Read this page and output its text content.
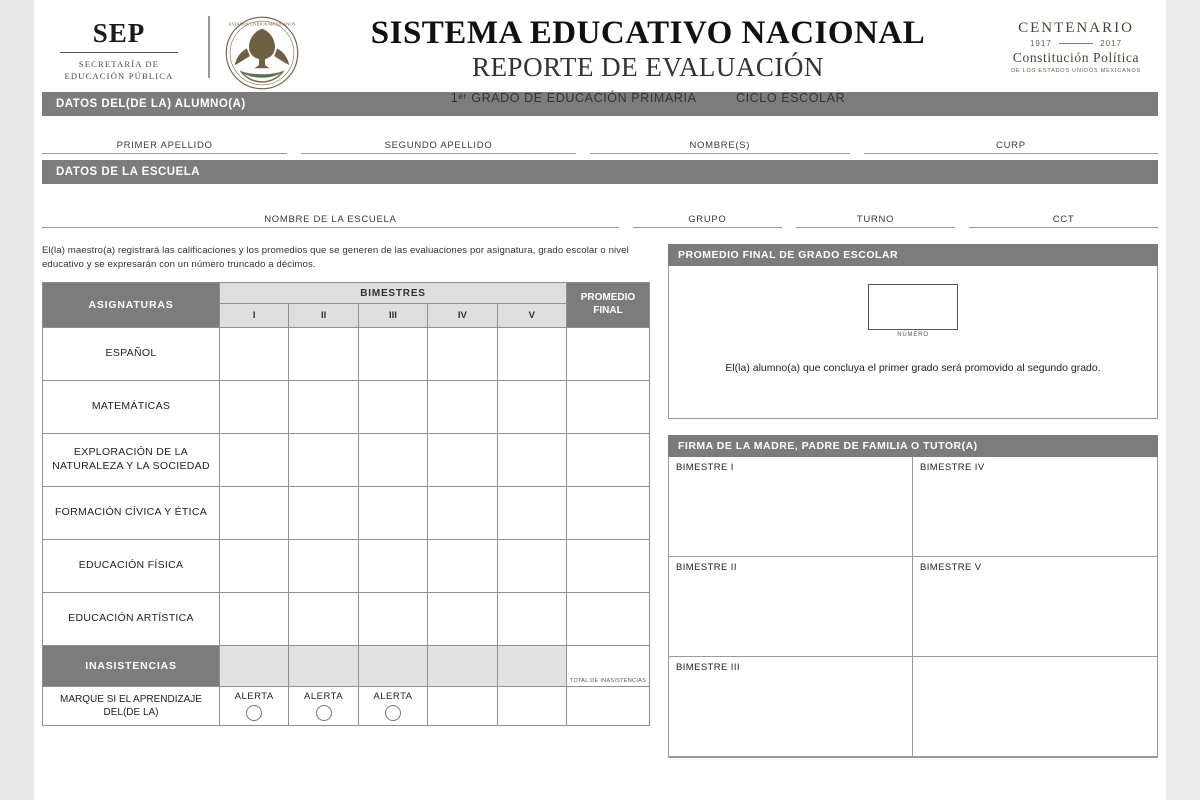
SEP
SECRETARÍA DE
EDUCACIÓN PÚBLICA
ESTADOS UNIDOS MEXICANOS	SISTEMA EDUCATIVO NACIONAL
REPORTE DE EVALUACIÓN
1ᵉʳ GRADO DE EDUCACIÓN PRIMARIA	CICLO ESCOLAR
CENTENARIO
1917	2017
Constitución Política
DE LOS ESTADOS UNIDOS MEXICANOS
DATOS DEL(DE LA) ALUMNO(A)
PRIMER APELLIDO	SEGUNDO APELLIDO	NOMBRE(S)	CURP
DATOS DE LA ESCUELA
NOMBRE DE LA ESCUELA	GRUPO	TURNO	CCT
El(la) maestro(a) registrará las calificaciones y los promedios que se generen de las evaluaciones por asignatura, grado escolar o nivel educativo y se expresarán con un número truncado a décimos.
ASIGNATURAS	BIMESTRES					PROMEDIO
FINAL

	I	II	III	IV	V	
ESPAÑOL						
MATEMÁTICAS						
EXPLORACIÓN DE LA NATURALEZA Y LA SOCIEDAD						
FORMACIÓN CÍVICA Y ÉTICA						
EDUCACIÓN FÍSICA						
EDUCACIÓN ARTÍSTICA						
INASISTENCIAS						TOTAL DE INASISTENCIAS
MARQUE SI EL APRENDIZAJE DEL(DE LA)	ALERTA	ALERTA	ALERTA

PROMEDIO FINAL DE GRADO ESCOLAR
NÚMERO
El(la) alumno(a) que concluya el primer grado será promovido al segundo grado.
FIRMA DE LA MADRE, PADRE DE FAMILIA O TUTOR(A)
BIMESTRE I	BIMESTRE IV
BIMESTRE II	BIMESTRE V
BIMESTRE III
